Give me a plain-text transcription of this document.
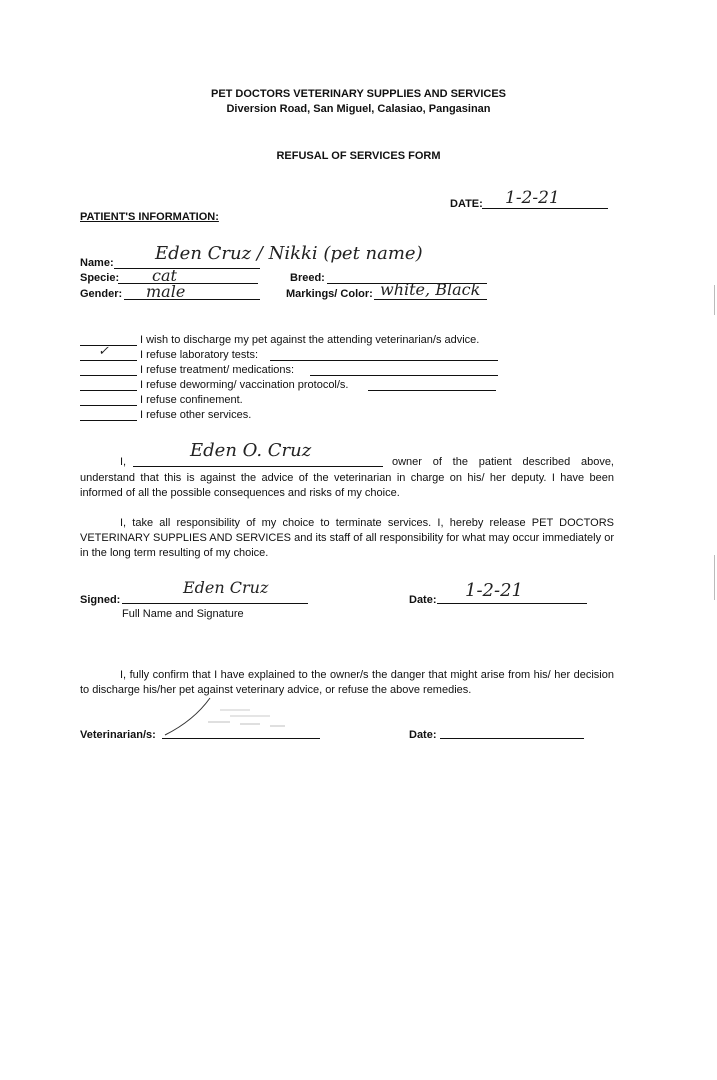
PET DOCTORS VETERINARY SUPPLIES AND SERVICES
Diversion Road, San Miguel, Calasiao, Pangasinan
REFUSAL OF SERVICES FORM
DATE: 1-2-21
PATIENT'S INFORMATION:
Name: Eden Cruz / Nikki (pet name)
Specie: cat
Gender: male
Breed:
Markings/ Color: white, Black
I wish to discharge my pet against the attending veterinarian/s advice.
✓	I refuse laboratory tests:
I refuse treatment/ medications:
I refuse deworming/ vaccination protocol/s.
I refuse confinement.
I refuse other services.
I,
Eden O. Cruz
owner of the patient described above,
understand that this is against the advice of the veterinarian in charge on his/ her deputy. I have been informed of all the possible consequences and risks of my choice.
I, take all responsibility of my choice to terminate services. I, hereby release PET DOCTORS VETERINARY SUPPLIES AND SERVICES and its staff of all responsibility for what may occur immediately or in the long term resulting of my choice.
Signed:
Eden Cruz
Full Name and Signature
Date: 1-2-21
I, fully confirm that I have explained to the owner/s the danger that might arise from his/ her decision to discharge his/her pet against veterinary advice, or refuse the above remedies.
Veterinarian/s:	Date:
